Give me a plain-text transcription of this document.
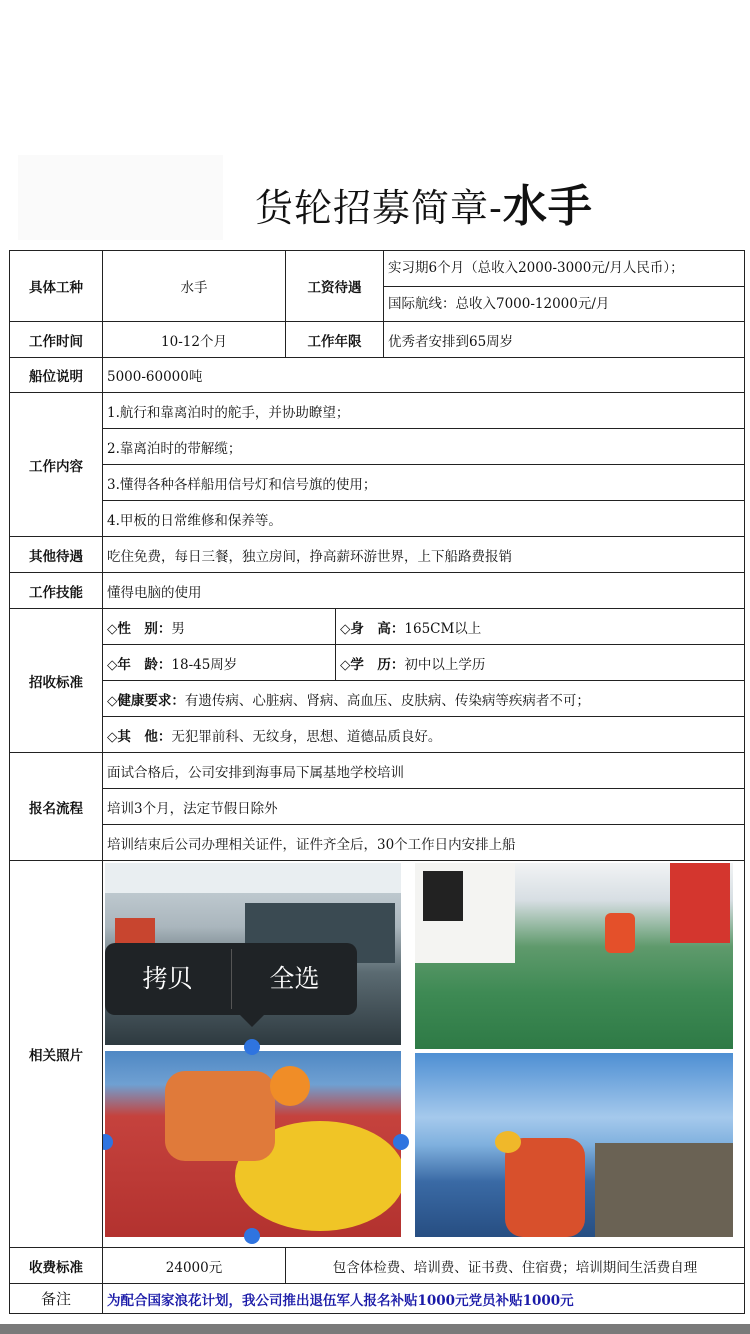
货轮招募简章-水手
具体工种	水手	工资待遇		实习期6个月（总收入2000-3000元/月人民币）；
国际航线：总收入7000-12000元/月

工作时间	10-12个月	工作年限		优秀者安排到65周岁
船位说明	5000-60000吨			
工作内容	1.航行和靠离泊时的舵手，并协助瞭望；			
	2.靠离泊时的带解缆；			
	3.懂得各种各样船用信号灯和信号旗的使用；			
	4.甲板的日常维修和保养等。			
其他待遇	吃住免费，每日三餐，独立房间，挣高薪环游世界，上下船路费报销			
工作技能	懂得电脑的使用			
招收标准	◇性　别：男		◇身　高：165CM以上	
	◇年　龄：18-45周岁		◇学　历：初中以上学历	
	◇健康要求：有遗传病、心脏病、肾病、高血压、皮肤病、传染病等疾病者不可；			
	◇其　他：无犯罪前科、无纹身，思想、道德品质良好。			
报名流程	面试合格后，公司安排到海事局下属基地学校培训			
	培训3个月，法定节假日除外			
	培训结束后公司办理相关证件，证件齐全后，30个工作日内安排上船			
相关照片	拷贝 全选			

收费标准	24000元	包含体检费、培训费、证书费、住宿费；培训期间生活费自理		
备注	为配合国家浪花计划，我公司推出退伍军人报名补贴1000元党员补贴1000元			
